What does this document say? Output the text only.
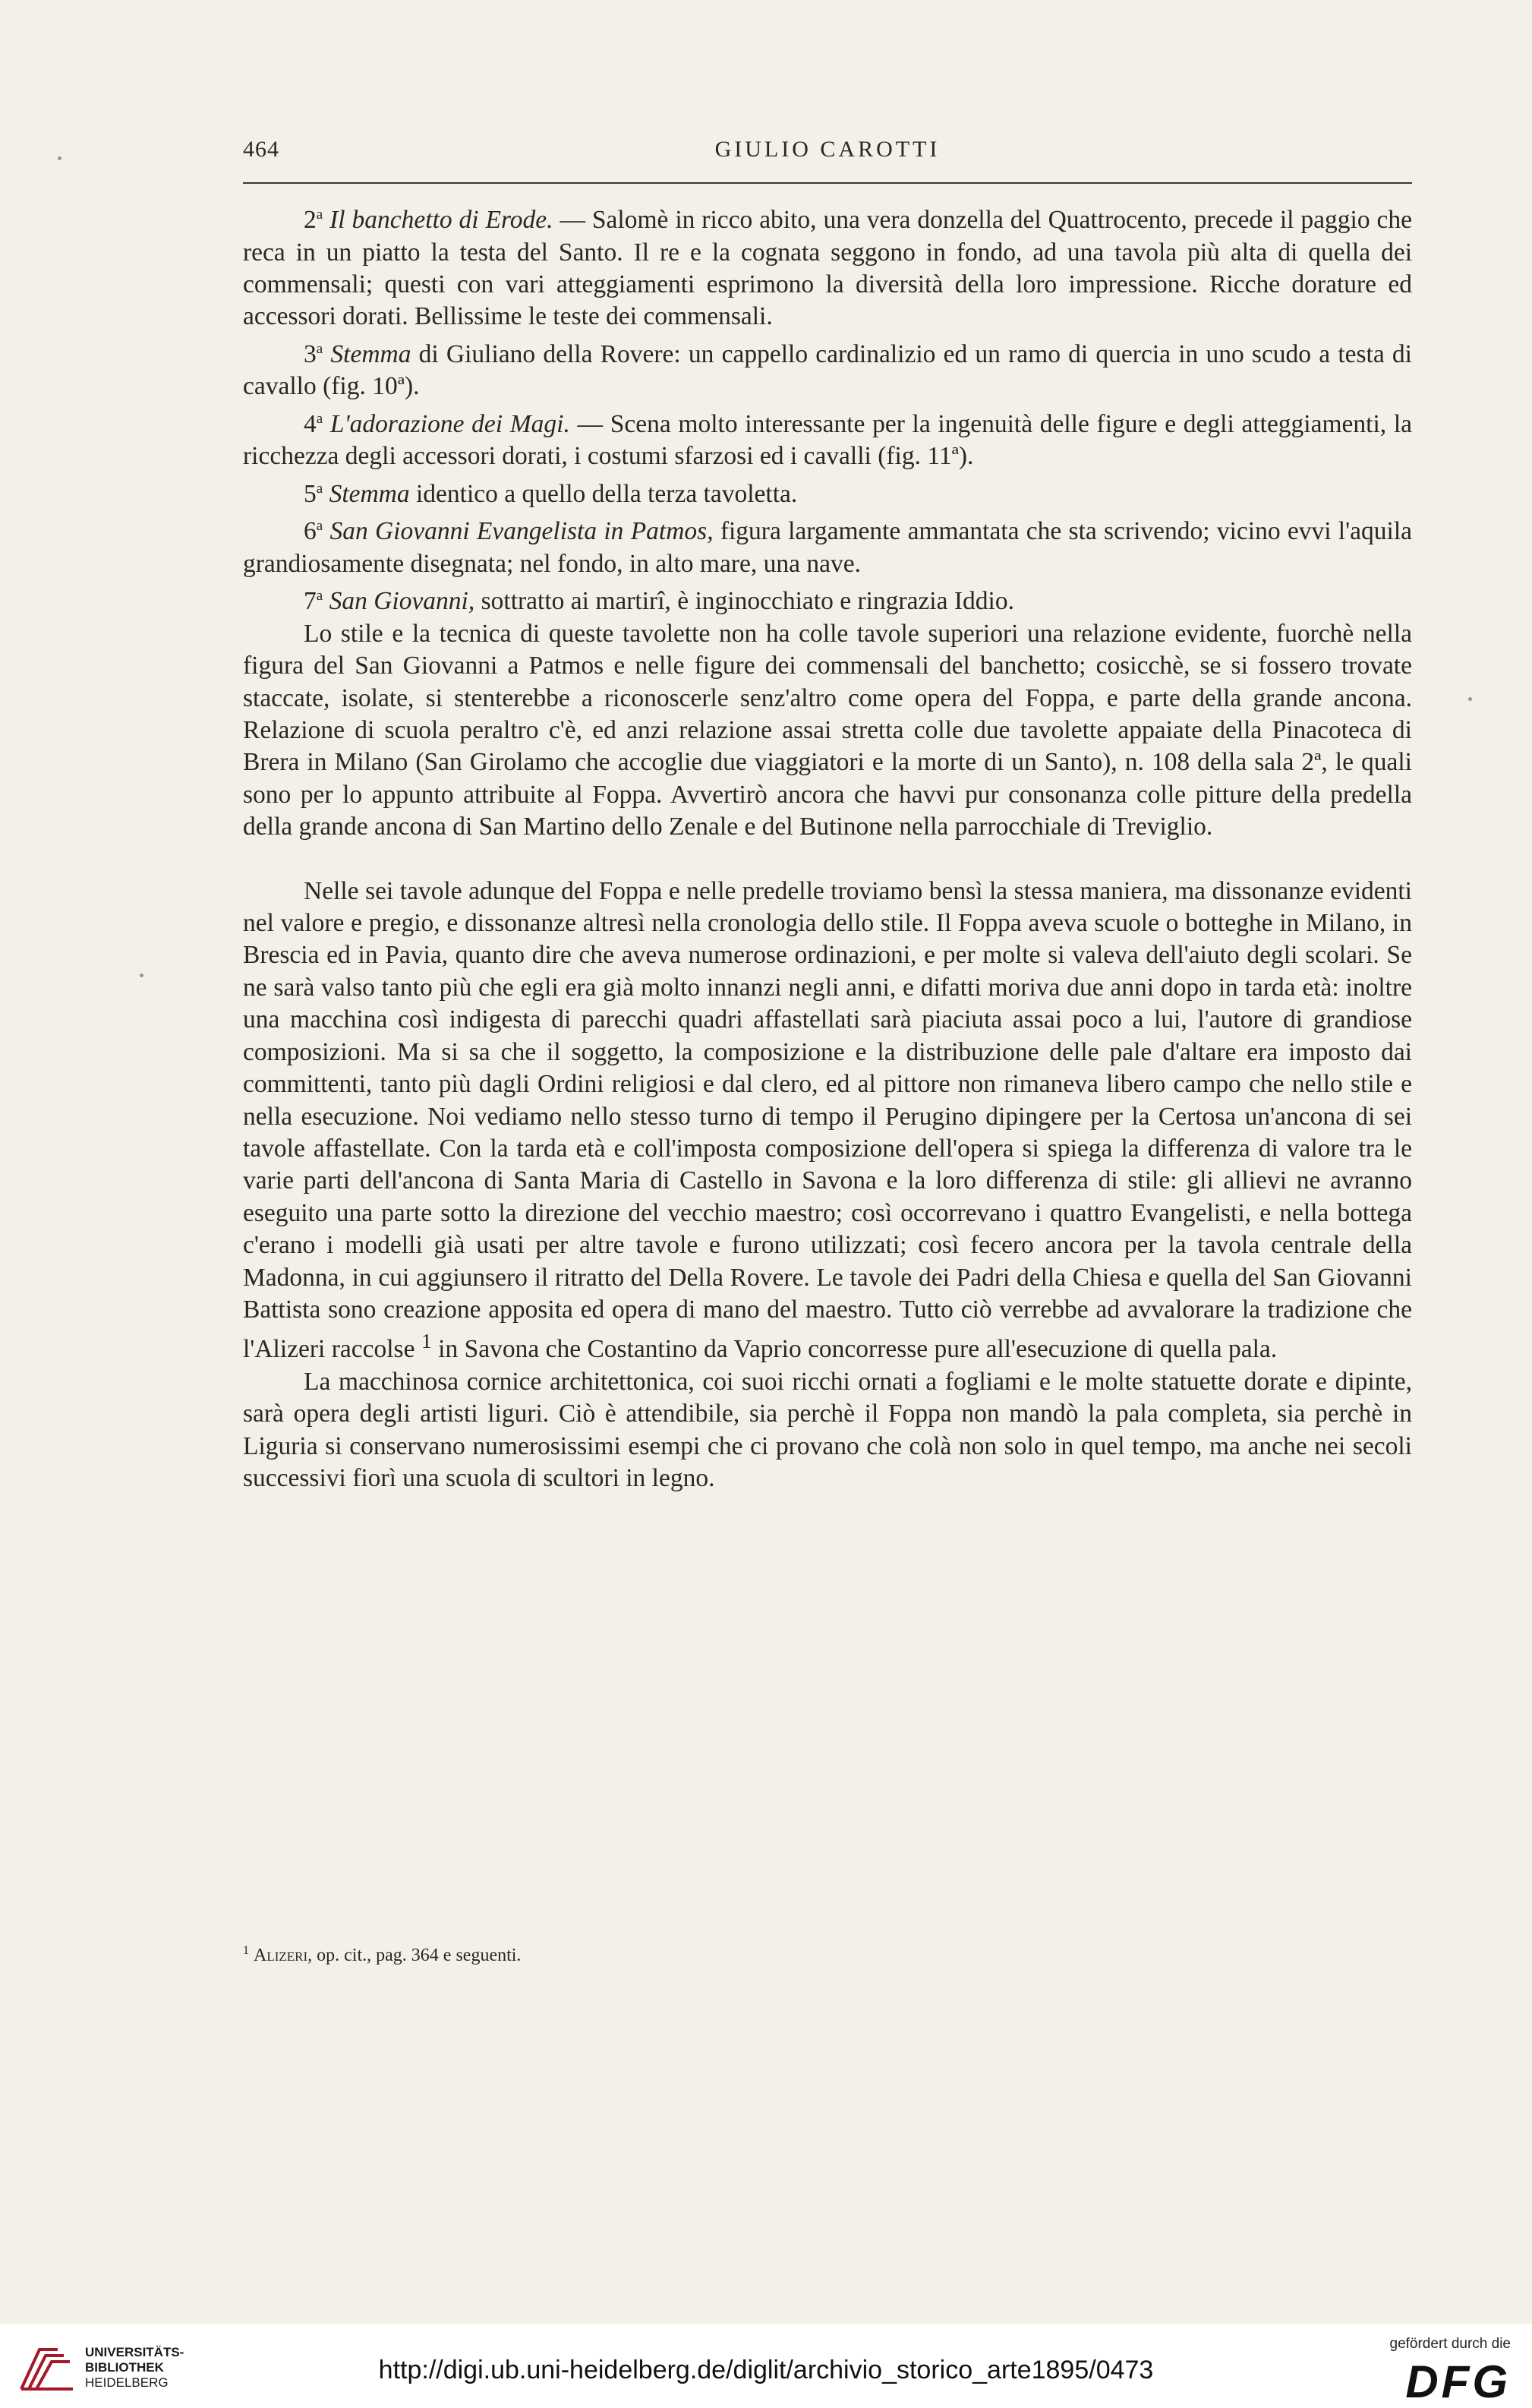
464	GIULIO CAROTTI

2$^a$ Il banchetto di Erode. — Salomè in ricco abito, una vera donzella del Quattrocento, precede il paggio che reca in un piatto la testa del Santo. Il re e la cognata seggono in fondo, ad una tavola più alta di quella dei commensali; questi con vari atteggiamenti esprimono la diversità della loro impressione. Ricche dorature ed accessori dorati. Bellissime le teste dei commensali.

3$^a$ Stemma di Giuliano della Rovere: un cappello cardinalizio ed un ramo di quercia in uno scudo a testa di cavallo (fig. 10ª).

4$^a$ L'adorazione dei Magi. — Scena molto interessante per la ingenuità delle figure e degli atteggiamenti, la ricchezza degli accessori dorati, i costumi sfarzosi ed i cavalli (fig. 11ª).

5$^a$ Stemma identico a quello della terza tavoletta.

6$^a$ San Giovanni Evangelista in Patmos, figura largamente ammantata che sta scrivendo; vicino evvi l'aquila grandiosamente disegnata; nel fondo, in alto mare, una nave.

7$^a$ San Giovanni, sottratto ai martirî, è inginocchiato e ringrazia Iddio.

Lo stile e la tecnica di queste tavolette non ha colle tavole superiori una relazione evidente, fuorchè nella figura del San Giovanni a Patmos e nelle figure dei commensali del banchetto; cosicchè, se si fossero trovate staccate, isolate, si stenterebbe a riconoscerle senz'altro come opera del Foppa, e parte della grande ancona. Relazione di scuola peraltro c'è, ed anzi relazione assai stretta colle due tavolette appaiate della Pinacoteca di Brera in Milano (San Girolamo che accoglie due viaggiatori e la morte di un Santo), n. 108 della sala 2ª, le quali sono per lo appunto attribuite al Foppa. Avvertirò ancora che havvi pur consonanza colle pitture della predella della grande ancona di San Martino dello Zenale e del Butinone nella parrocchiale di Treviglio.

Nelle sei tavole adunque del Foppa e nelle predelle troviamo bensì la stessa maniera, ma dissonanze evidenti nel valore e pregio, e dissonanze altresì nella cronologia dello stile. Il Foppa aveva scuole o botteghe in Milano, in Brescia ed in Pavia, quanto dire che aveva numerose ordinazioni, e per molte si valeva dell'aiuto degli scolari. Se ne sarà valso tanto più che egli era già molto innanzi negli anni, e difatti moriva due anni dopo in tarda età: inoltre una macchina così indigesta di parecchi quadri affastellati sarà piaciuta assai poco a lui, l'autore di grandiose composizioni. Ma si sa che il soggetto, la composizione e la distribuzione delle pale d'altare era imposto dai committenti, tanto più dagli Ordini religiosi e dal clero, ed al pittore non rimaneva libero campo che nello stile e nella esecuzione. Noi vediamo nello stesso turno di tempo il Perugino dipingere per la Certosa un'ancona di sei tavole affastellate. Con la tarda età e coll'imposta composizione dell'opera si spiega la differenza di valore tra le varie parti dell'ancona di Santa Maria di Castello in Savona e la loro differenza di stile: gli allievi ne avranno eseguito una parte sotto la direzione del vecchio maestro; così occorrevano i quattro Evangelisti, e nella bottega c'erano i modelli già usati per altre tavole e furono utilizzati; così fecero ancora per la tavola centrale della Madonna, in cui aggiunsero il ritratto del Della Rovere. Le tavole dei Padri della Chiesa e quella del San Giovanni Battista sono creazione apposita ed opera di mano del maestro. Tutto ciò verrebbe ad avvalorare la tradizione che l'Alizeri raccolse $^1$ in Savona che Costantino da Vaprio concorresse pure all'esecuzione di quella pala.

La macchinosa cornice architettonica, coi suoi ricchi ornati a fogliami e le molte statuette dorate e dipinte, sarà opera degli artisti liguri. Ciò è attendibile, sia perchè il Foppa non mandò la pala completa, sia perchè in Liguria si conservano numerosissimi esempi che ci provano che colà non solo in quel tempo, ma anche nei secoli successivi fiorì una scuola di scultori in legno.

$^1$ Alizeri, op. cit., pag. 364 e seguenti.
UNIVERSITÄTS-
BIBLIOTHEK
HEIDELBERG	http://digi.ub.uni-heidelberg.de/diglit/archivio_storico_arte1895/0473
gefördert durch die
DFG
